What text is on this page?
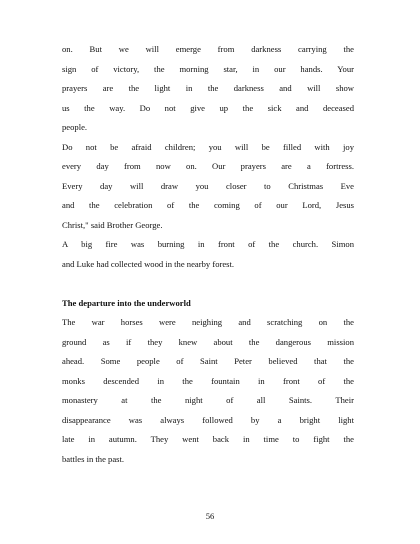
on. But we will emerge from darkness carrying the
sign of victory, the morning star, in our hands. Your
prayers are the light in the darkness and will show
us the way. Do not give up the sick and deceased
people.
Do not be afraid children; you will be filled with joy
every day from now on. Our prayers are a fortress.
Every day will draw you closer to Christmas Eve
and the celebration of the coming of our Lord, Jesus
Christ," said Brother George.
A big fire was burning in front of the church. Simon
and Luke had collected wood in the nearby forest.
The departure into the underworld
The war horses were neighing and scratching on the
ground as if they knew about the dangerous mission
ahead. Some people of Saint Peter believed that the
monks descended in the fountain in front of the
monastery at the night of all Saints. Their
disappearance was always followed by a bright light
late in autumn. They went back in time to fight the
battles in the past.
56
